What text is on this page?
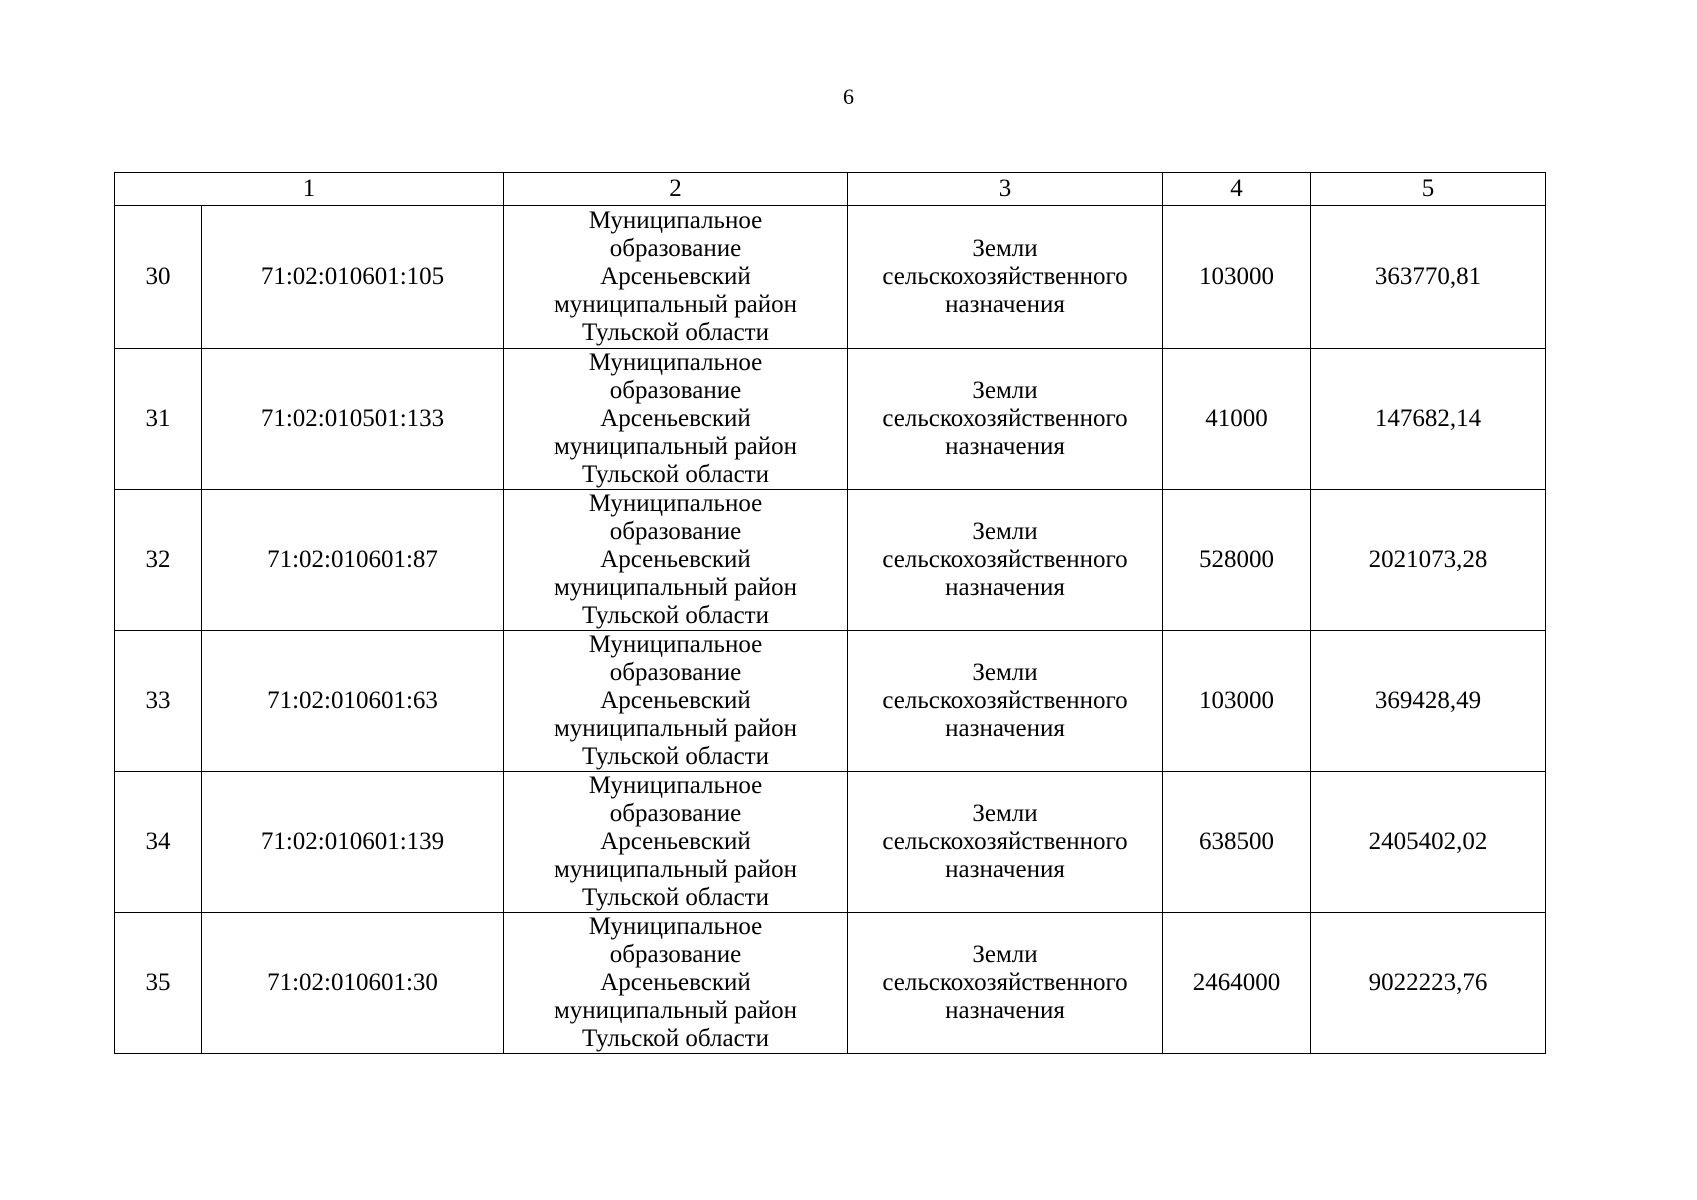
6
1		2	3	4	5
30	71:02:010601:105	Муниципальное
образование
Арсеньевский
муниципальный район
Тульской области	Земли
сельскохозяйственного
назначения	103000	363770,81
31	71:02:010501:133	Муниципальное
образование
Арсеньевский
муниципальный район
Тульской области	Земли
сельскохозяйственного
назначения	41000	147682,14
32	71:02:010601:87	Муниципальное
образование
Арсеньевский
муниципальный район
Тульской области	Земли
сельскохозяйственного
назначения	528000	2021073,28
33	71:02:010601:63	Муниципальное
образование
Арсеньевский
муниципальный район
Тульской области	Земли
сельскохозяйственного
назначения	103000	369428,49
34	71:02:010601:139	Муниципальное
образование
Арсеньевский
муниципальный район
Тульской области	Земли
сельскохозяйственного
назначения	638500	2405402,02
35	71:02:010601:30	Муниципальное
образование
Арсеньевский
муниципальный район
Тульской области	Земли
сельскохозяйственного
назначения	2464000	9022223,76
